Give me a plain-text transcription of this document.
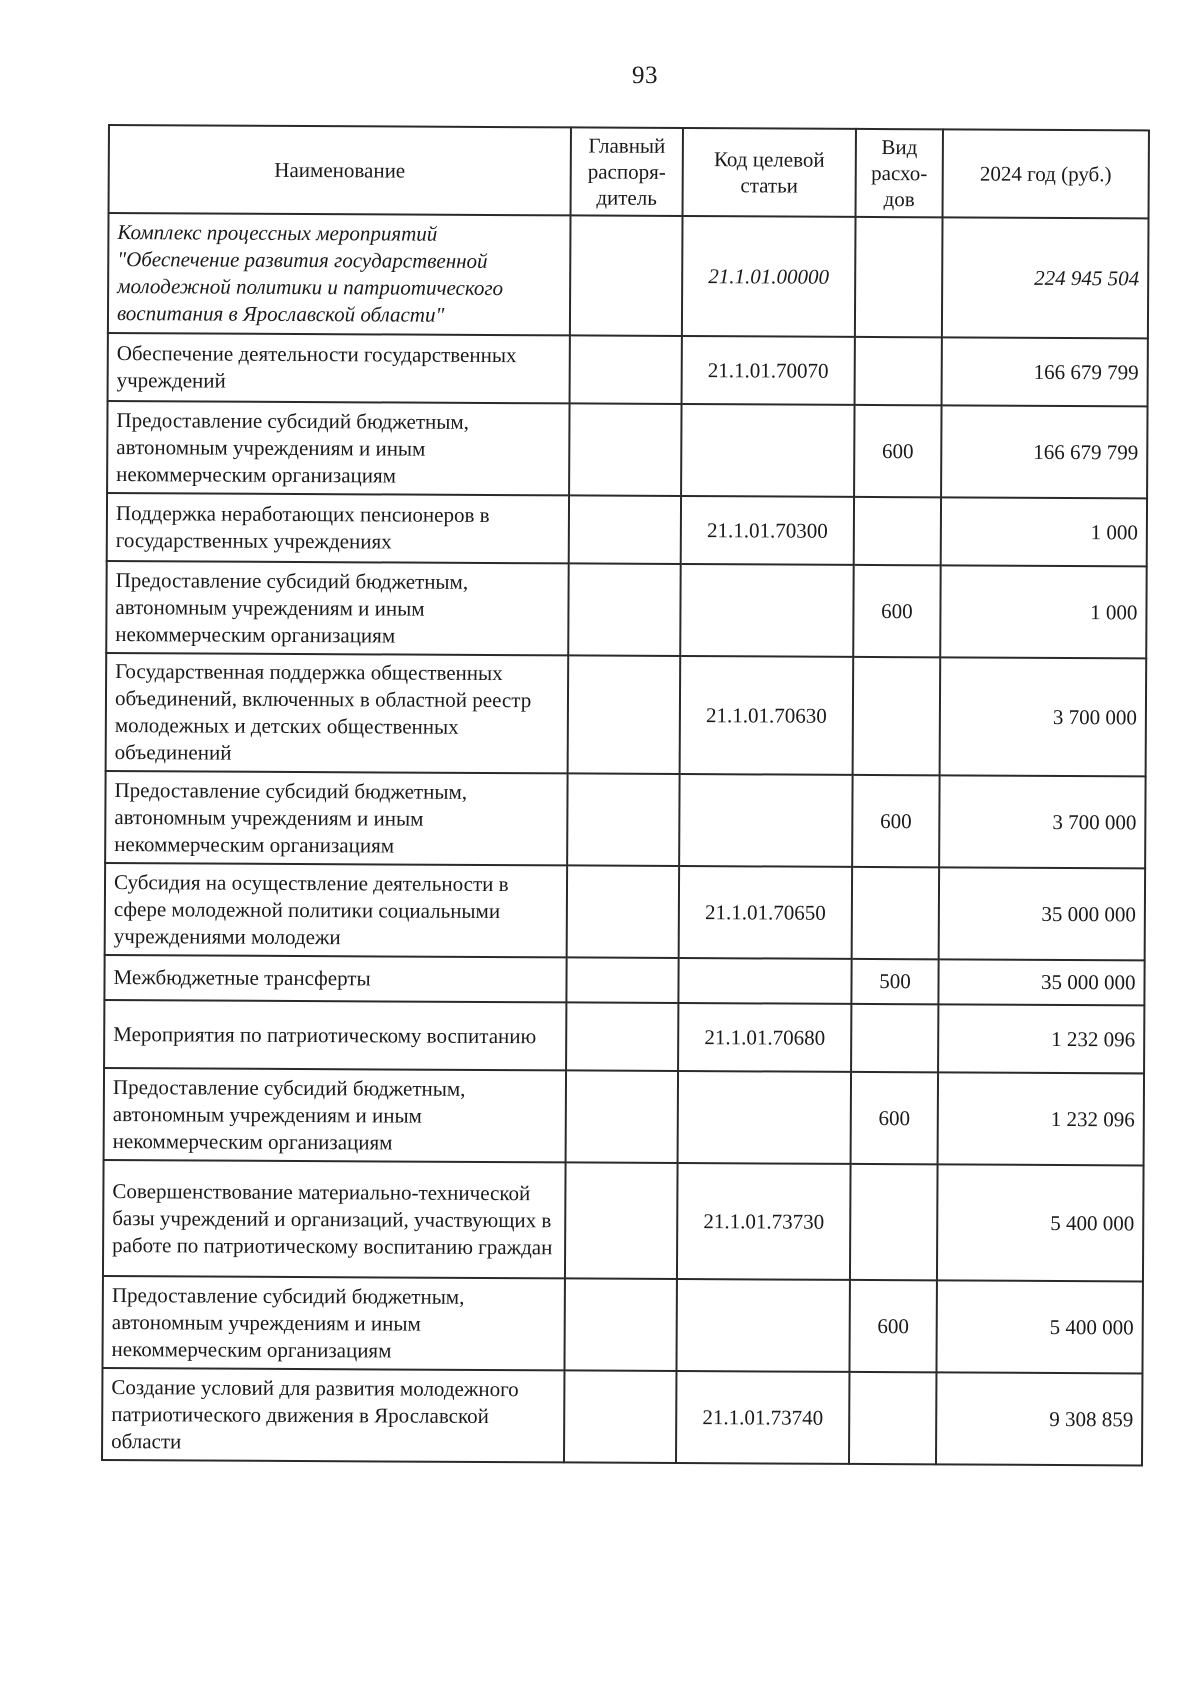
93
Наименование	Главный распоря-дитель	Код целевой статьи	Вид расхо-дов	2024 год (руб.)
Комплекс процессных мероприятий "Обеспечение развития государственной молодежной политики и патриотического воспитания в Ярославской области"		21.1.01.00000		224 945 504
Обеспечение деятельности государственных учреждений		21.1.01.70070		166 679 799
Предоставление субсидий бюджетным, автономным учреждениям и иным некоммерческим организациям			600	166 679 799
Поддержка неработающих пенсионеров в государственных учреждениях		21.1.01.70300		1 000
Предоставление субсидий бюджетным, автономным учреждениям и иным некоммерческим организациям			600	1 000
Государственная поддержка общественных объединений, включенных в областной реестр молодежных и детских общественных объединений		21.1.01.70630		3 700 000
Предоставление субсидий бюджетным, автономным учреждениям и иным некоммерческим организациям			600	3 700 000
Субсидия на осуществление деятельности в сфере молодежной политики социальными учреждениями молодежи		21.1.01.70650		35 000 000
Межбюджетные трансферты			500	35 000 000
Мероприятия по патриотическому воспитанию		21.1.01.70680		1 232 096
Предоставление субсидий бюджетным, автономным учреждениям и иным некоммерческим организациям			600	1 232 096
Совершенствование материально-технической базы учреждений и организаций, участвующих в работе по патриотическому воспитанию граждан		21.1.01.73730		5 400 000
Предоставление субсидий бюджетным, автономным учреждениям и иным некоммерческим организациям			600	5 400 000
Создание условий для развития молодежного патриотического движения в Ярославской области		21.1.01.73740		9 308 859
